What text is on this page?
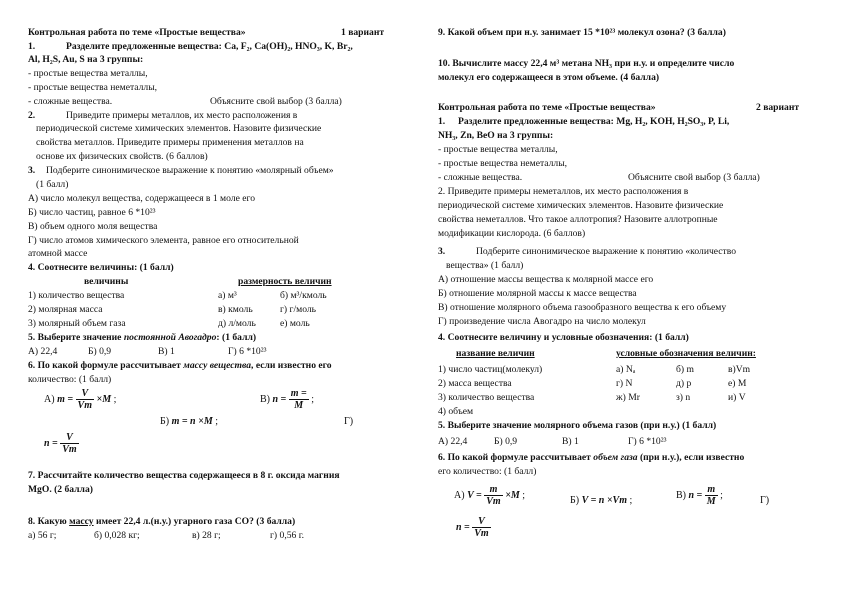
Контрольная работа по теме «Простые вещества»	1 вариант
1.	Разделите предложенные вещества: Ca, F₂, Ca(OH)₂, HNO₃, K, Br₂,
Al, H₂S, Au, S на 3 группы:
- простые вещества металлы,
- простые вещества неметаллы,
- сложные вещества.	Объясните свой выбор (3 балла)
2.	Приведите примеры металлов, их место расположения в
периодической системе химических элементов. Назовите физические
свойства металлов. Приведите примеры применения металлов на
основе их физических свойств. (6 баллов)
3. Подберите синонимическое выражение к понятию «молярный объем»
(1 балл)
А) число молекул вещества, содержащееся в 1 моле его
Б) число частиц, равное 6 *10²³
В) объем одного моля вещества
Г) число атомов химического элемента, равное его относительной
атомной массе
4. Соотнесите величины: (1 балл)
величины	размерность величин
1) количество вещества	а) м³	б) м³/кмоль
2) молярная масса	в) кмоль	г) г/моль
3) молярный объем газа	д) л/моль	е) моль
5. Выберите значение постоянной Авогадро: (1 балл)
А) 22,4	Б) 0,9	В) 1	Г) 6 *10²³
6. По какой формуле рассчитывает массу вещества, если известно его
количество: (1 балл)
А) $m = \frac{V}{Vm} \times M$ ;
Б) m = n ×M ;
В) $n = \frac{m =}{M}$ ;
Г)
$n = \frac{V}{Vm}$
7. Рассчитайте количество вещества содержащееся в 8 г. оксида магния
MgO. (2 балла)
8. Какую массу имеет 22,4 л.(н.у.) угарного газа СО? (3 балла)
а) 56 г;	б) 0,028 кг;	в) 28 г;	г) 0,56 г.
9. Какой объем при н.у. занимает 15 *10²³ молекул озона? (3 балла)
10. Вычислите массу 22,4 м³ метана NH₃ при н.у. и определите число
молекул его содержащееся в этом объеме. (4 балла)
Контрольная работа по теме «Простые вещества»	2 вариант
1. Разделите предложенные вещества: Mg, H₂, KOH, H₂SO₃, P, Li,
NH₃, Zn, BeO на 3 группы:
- простые вещества металлы,
- простые вещества неметаллы,
- сложные вещества.	Объясните свой выбор (3 балла)
2. Приведите примеры неметаллов, их место расположения в
периодической системе химических элементов. Назовите физические
свойства неметаллов. Что такое аллотропия? Назовите аллотропные
модификации кислорода. (6 баллов)
3.	Подберите синонимическое выражение к понятию «количество
вещества» (1 балл)
А) отношение массы вещества к молярной массе его
Б) отношение молярной массы к массе вещества
В) отношение молярного объема газообразного вещества к его объему
Г) произведение числа Авогадро на число молекул
4. Соотнесите величину и условные обозначения: (1 балл)
название величин	условные обозначения величин:
1) число частиц(молекул)	а) Nₐ	б) m	в)Vm
2) масса вещества	г) N	д) p	е) M
3) количество вещества	ж) Mr	з) n	и) V
4) объем
5. Выберите значение молярного объема газов (при н.у.) (1 балл)
А) 22,4	Б) 0,9	В) 1	Г) 6 *10²³
6. По какой формуле рассчитывает объем газа (при н.у.), если известно
его количество: (1 балл)
А) $V = \frac{m}{Vm} \times M$ ;	Б) V = n ×Vm ;	В) $n = \frac{m}{M}$ ;	Г)
$n = \frac{V}{Vm}$
